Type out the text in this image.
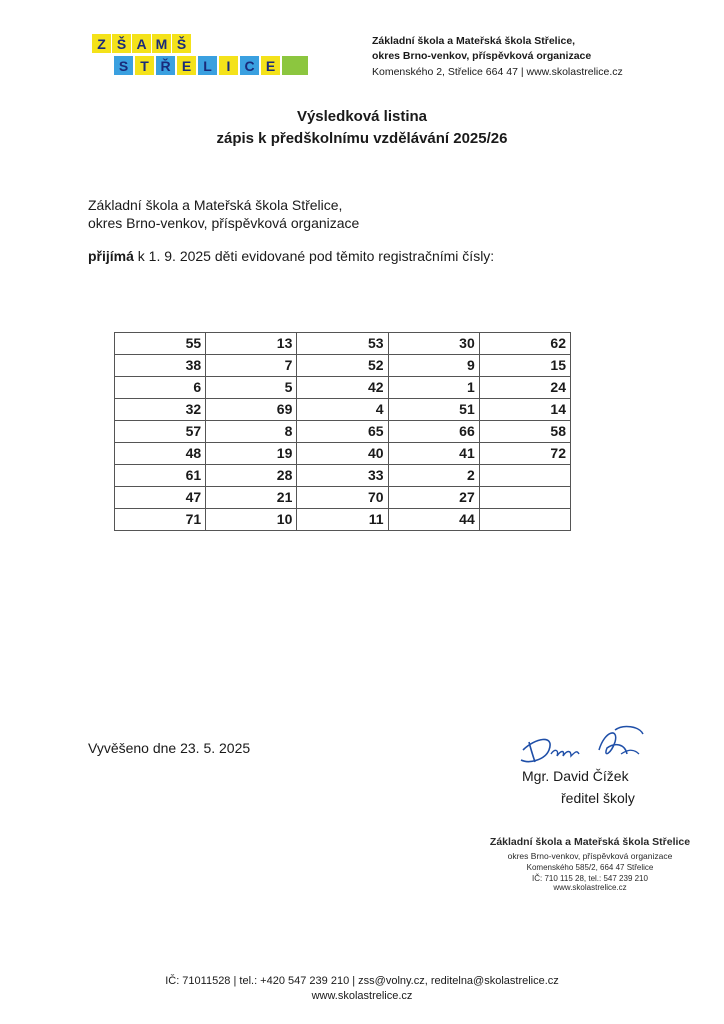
Z Š A M Š
S T Ř E L	I	C E
Základní škola a Mateřská škola Střelice,
okres Brno-venkov, příspěvková organizace
Komenského 2, Střelice 664 47 | www.skolastrelice.cz
Výsledková listina
zápis k předškolnímu vzdělávání 2025/26
Základní škola a Mateřská škola Střelice,
okres Brno-venkov, příspěvková organizace
přijímá k 1. 9. 2025 děti evidované pod těmito registračními čísly:
55	13	53	30	62
38	7	52	9	15
6	5	42	1	24
32	69	4	51	14
57	8	65	66	58
48	19	40	41	72
61	28	33	2	
47	21	70	27	
71	10	11	44	
Vyvěšeno dne 23. 5. 2025
Mgr. David Čížek
ředitel školy
Základní škola a Mateřská škola Střelice
okres Brno-venkov, příspěvková organizace
Komenského 585/2, 664 47 Střelice
IČ: 710 115 28, tel.: 547 239 210
www.skolastrelice.cz
IČ: 71011528 | tel.: +420 547 239 210 | zss@volny.cz, reditelna@skolastrelice.cz
www.skolastrelice.cz
